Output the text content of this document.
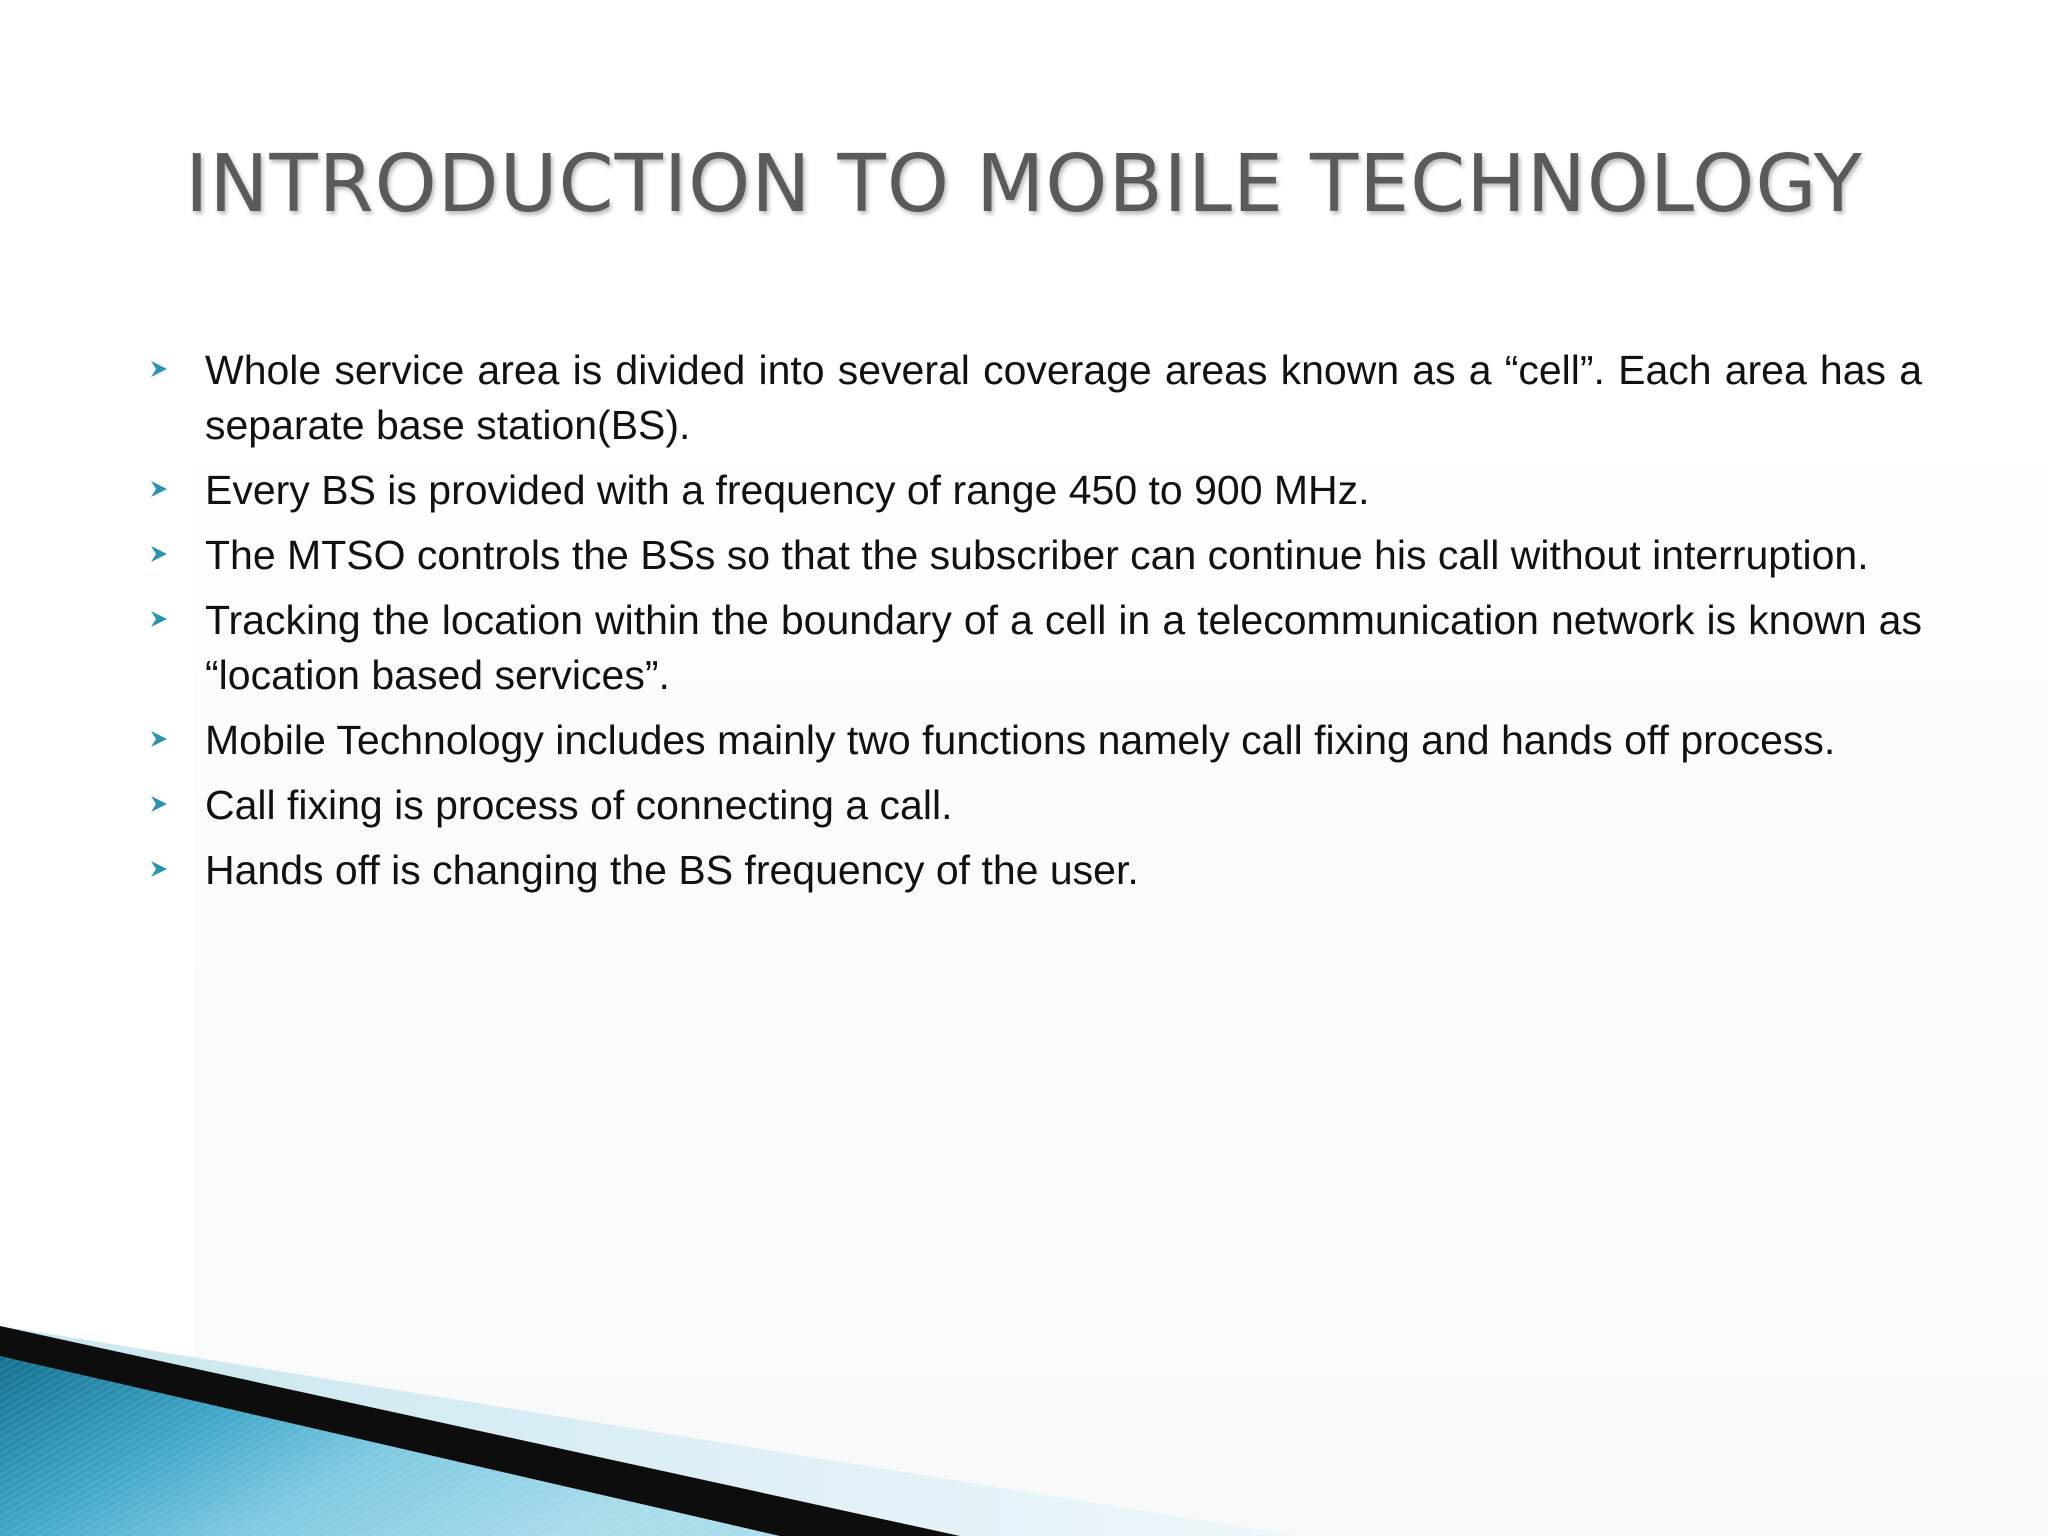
INTRODUCTION TO MOBILE TECHNOLOGY
Whole service area is divided into several coverage areas known as a “cell”. Each area has a separate base station(BS).
Every BS is provided with a frequency of range 450 to 900 MHz.
The MTSO controls the BSs so that the subscriber can continue his call without interruption.
Tracking the location within the boundary of a cell in a telecommunication network is known as “location based services”.
Mobile Technology includes mainly two functions namely call fixing and hands off process.
Call fixing is process of connecting a call.
Hands off is changing the BS frequency of the user.
